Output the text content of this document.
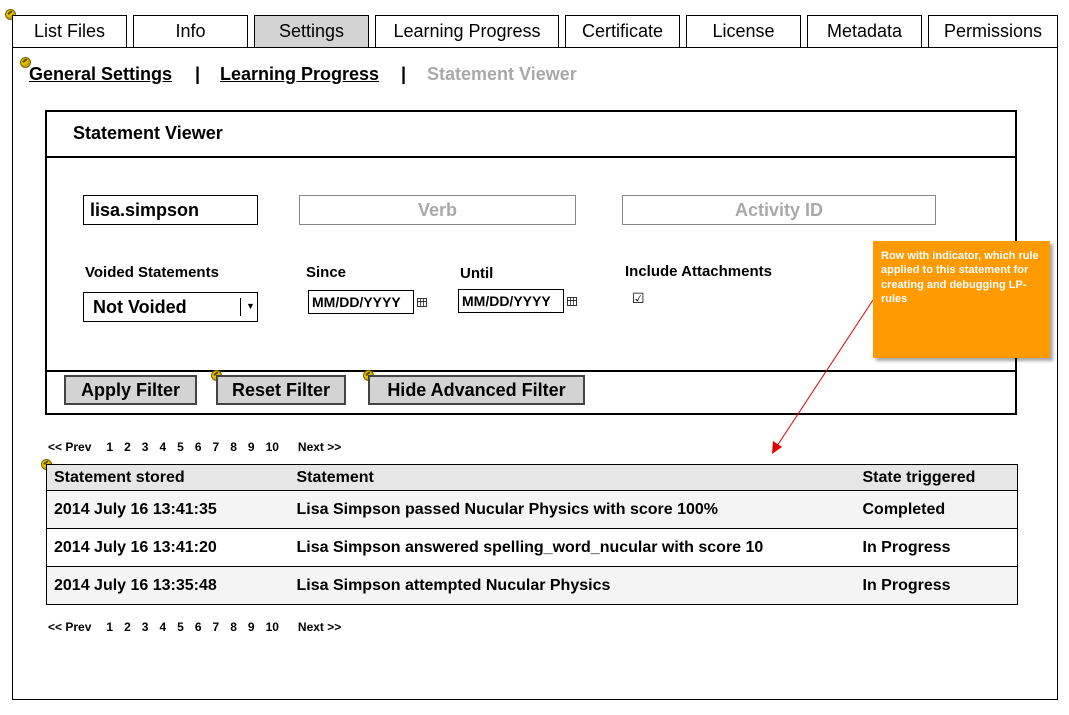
List Files	Info	Settings	Learning Progress Certificate	License	Metadata Permissions
General Settings | Learning Progress | Statement Viewer
Statement Viewer
lisa.simpson	Verb	Activity ID
Voided Statements
Not Voided	▼
Since
MM/DD/YYYY
Until
MM/DD/YYYY
Include Attachments
☑
Apply Filter	Reset Filter	Hide Advanced Filter
<< Prev 1 2 3 4 5 6 7 8 9 10 Next >>
Statement stored	Statement	State triggered
2014 July 16 13:41:35	Lisa Simpson passed Nucular Physics with score 100%	Completed
2014 July 16 13:41:20	Lisa Simpson answered spelling_word_nucular with score 10	In Progress
2014 July 16 13:35:48	Lisa Simpson attempted Nucular Physics	In Progress
<< Prev 1 2 3 4 5 6 7 8 9 10 Next >>
Row with indicator, which rule applied to this statement for creating and debugging LP-rules
